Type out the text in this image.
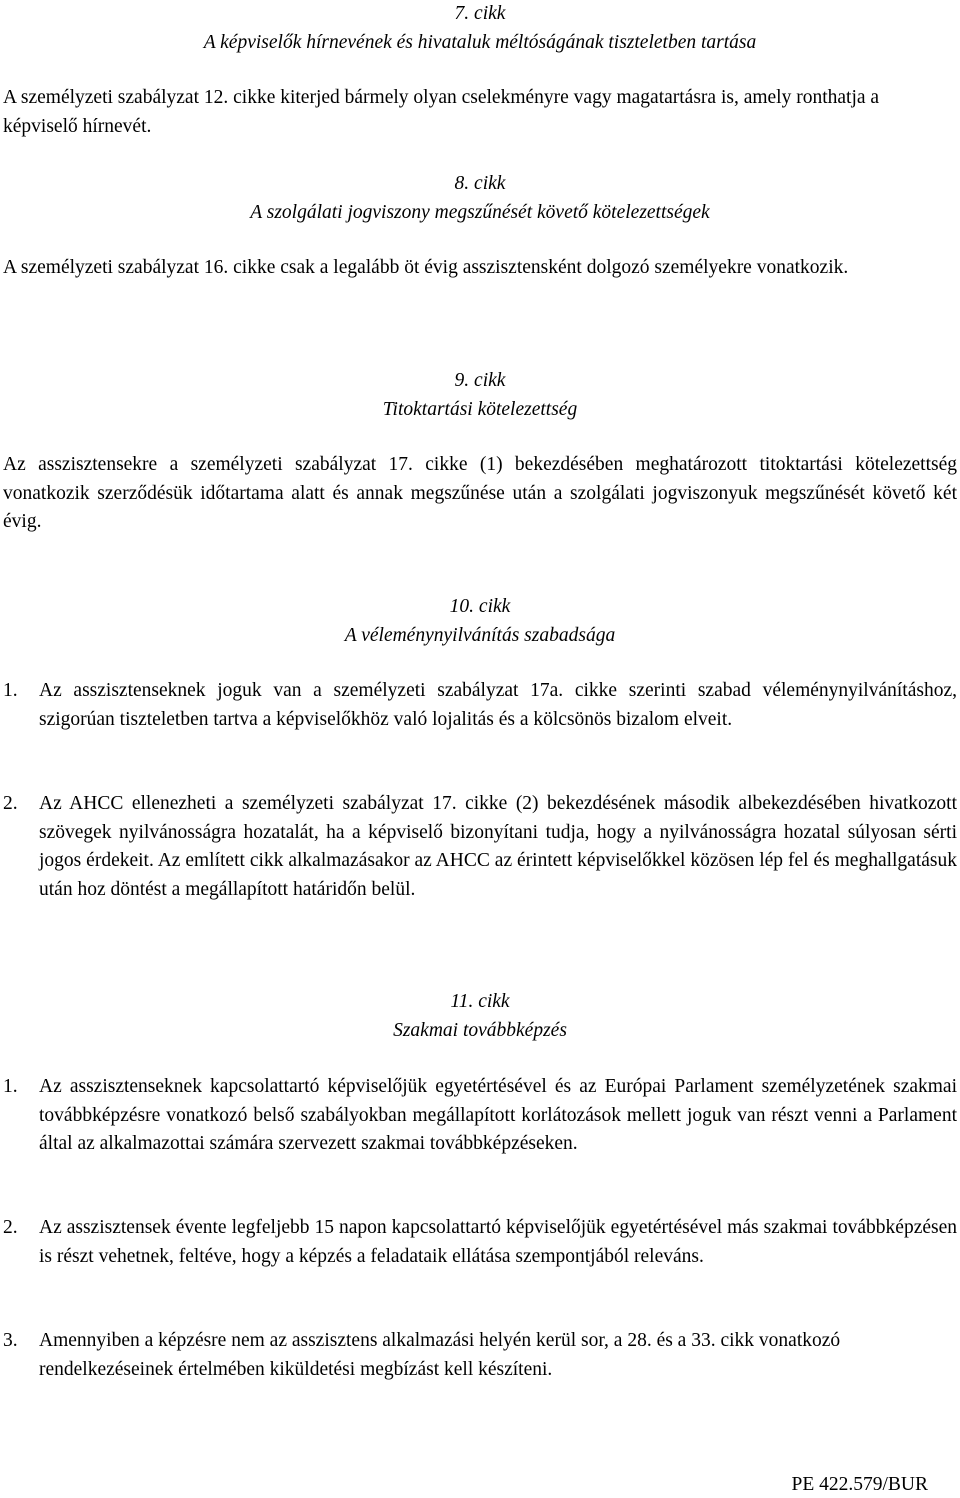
7. cikk
A képviselők hírnevének és hivataluk méltóságának tiszteletben tartása

A személyzeti szabályzat 12. cikke kiterjed bármely olyan cselekményre vagy magatartásra is, amely ronthatja a képviselő hírnevét.

8. cikk
A szolgálati jogviszony megszűnését követő kötelezettségek

A személyzeti szabályzat 16. cikke csak a legalább öt évig asszisztensként dolgozó személyekre vonatkozik.

9. cikk
Titoktartási kötelezettség

Az asszisztensekre a személyzeti szabályzat 17. cikke (1) bekezdésében meghatározott titoktartási kötelezettség vonatkozik szerződésük időtartama alatt és annak megszűnése után a szolgálati jogviszonyuk megszűnését követő két évig.

10. cikk
A véleménynyilvánítás szabadsága
1.	Az asszisztenseknek joguk van a személyzeti szabályzat 17a. cikke szerinti szabad véleménynyilvánításhoz, szigorúan tiszteletben tartva a képviselőkhöz való lojalitás és a kölcsönös bizalom elveit.
2.	Az AHCC ellenezheti a személyzeti szabályzat 17. cikke (2) bekezdésének második albekezdésében hivatkozott szövegek nyilvánosságra hozatalát, ha a képviselő bizonyítani tudja, hogy a nyilvánosságra hozatal súlyosan sérti jogos érdekeit. Az említett cikk alkalmazásakor az AHCC az érintett képviselőkkel közösen lép fel és meghallgatásuk után hoz döntést a megállapított határidőn belül.
11. cikk
Szakmai továbbképzés
1.	Az asszisztenseknek kapcsolattartó képviselőjük egyetértésével és az Európai Parlament személyzetének szakmai továbbképzésre vonatkozó belső szabályokban megállapított korlátozások mellett joguk van részt venni a Parlament által az alkalmazottai számára szervezett szakmai továbbképzéseken.
2.	Az asszisztensek évente legfeljebb 15 napon kapcsolattartó képviselőjük egyetértésével más szakmai továbbképzésen is részt vehetnek, feltéve, hogy a képzés a feladataik ellátása szempontjából releváns.
3.	Amennyiben a képzésre nem az asszisztens alkalmazási helyén kerül sor, a 28. és a 33. cikk vonatkozó rendelkezéseinek értelmében kiküldetési megbízást kell készíteni.
PE 422.579/BUR
